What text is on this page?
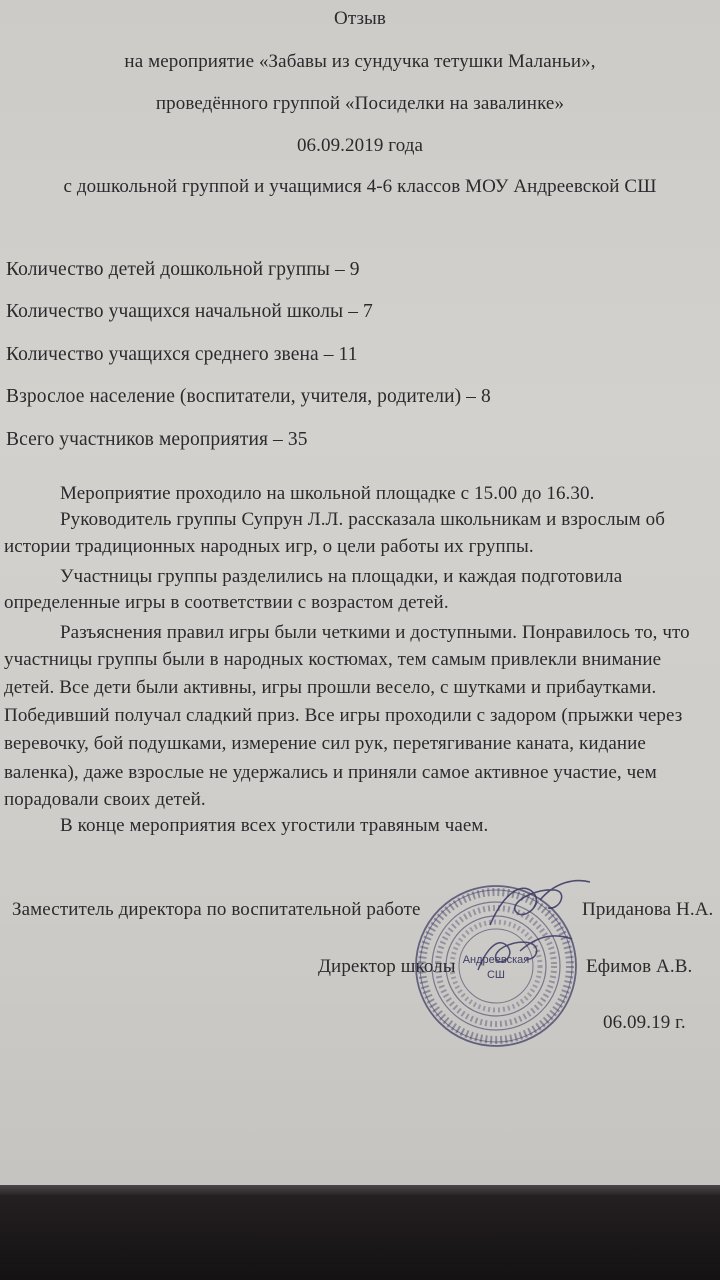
Отзыв

на мероприятие «Забавы из сундучка тетушки Маланьи»,

проведённого группой «Посиделки на завалинке»

06.09.2019 года

с дошкольной группой и учащимися 4-6 классов МОУ Андреевской СШ

Количество детей дошкольной группы – 9

Количество учащихся начальной школы – 7

Количество учащихся среднего звена – 11

Взрослое население (воспитатели, учителя, родители) – 8

Всего участников мероприятия – 35

Мероприятие проходило на школьной площадке с 15.00 до 16.30.

Руководитель группы Супрун Л.Л. рассказала школьникам и взрослым об

истории традиционных народных игр, о цели работы их группы.

Участницы группы разделились на площадки, и каждая подготовила

определенные игры в соответствии с возрастом детей.

Разъяснения правил игры были четкими и доступными. Понравилось то, что

участницы группы были в народных костюмах, тем самым привлекли внимание

детей. Все дети были активны, игры прошли весело, с шутками и прибаутками.

Победивший получал сладкий приз. Все игры проходили с задором (прыжки через

веревочку, бой подушками, измерение сил рук, перетягивание каната, кидание

валенка), даже взрослые не удержались и приняли самое активное участие, чем

порадовали своих детей.

В конце мероприятия всех угостили травяным чаем.

Заместитель директора по воспитательной работе	Приданова Н.А.

Директор школы	Ефимов А.В.

06.09.19 г.

Андреевская
СШ
